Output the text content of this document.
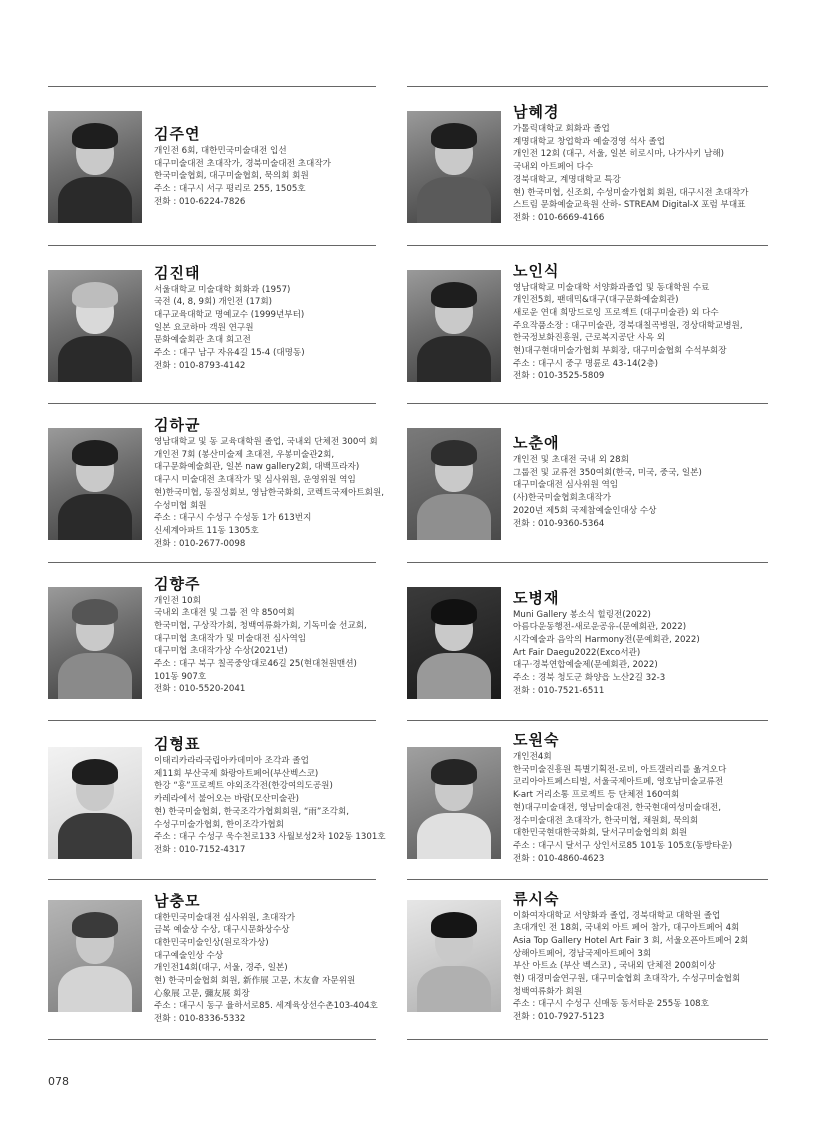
김주연
개인전 6회, 대한민국미술대전 입선
대구미술대전 초대작가, 경북미술대전 초대작가
한국미술협회, 대구미술협회, 묵의회 회원
주소 : 대구시 서구 평리로 255, 1505호
전화 : 010-6224-7826
김진태
서울대학교 미술대학 회화과 (1957)
국전 (4, 8, 9회) 개인전 (17회)
대구교육대학교 명예교수 (1999년부터)
일본 요코하마 객원 연구원
문화예술회관 초대 회고전
주소 : 대구 남구 자유4길 15-4 (대명동)
전화 : 010-8793-4142
김하균
영남대학교 및 동 교육대학원 졸업, 국내외 단체전 300여 회
개인전 7회 (봉산미술제 초대전, 우봉미술관2회,
대구문화예술회관, 일본 naw gallery2회, 대백프라자)
대구시 미술대전 초대작가 및 심사위원, 운영위원 역임
현)한국미협, 동질성회보, 영남한국화회, 코렉트국제아트회원,
수성미협 회원
주소 : 대구시 수성구 수성동 1가 613번지
신세계아파트 11동 1305호
전화 : 010-2677-0098
김향주
개인전 10회
국내외 초대전 및 그룹 전 약 850여회
한국미협, 구상작가회, 청백여류화가회, 기독미술 선교회,
대구미협 초대작가 및 미술대전 심사역임
대구미협 초대작가상 수상(2021년)
주소 : 대구 북구 칠곡중앙대로46길 25(현대천원맨션)
101동 907호
전화 : 010-5520-2041
김형표
이태리카라라국립아카데미아 조각과 졸업
제11회 부산국제 화랑아트페어(부산벡스코)
한강 “흥”프로젝트 야외조각전(한강여의도공원)
카레라에서 불어오는 바람(모산미술관)
현) 한국미술협회, 한국조각가협회회원, “雨”조각회,
수성구미술가협회, 한이조각가협회
주소 : 대구 수성구 욱수천로133 사월보성2차 102동 1301호
전화 : 010-7152-4317
남충모
대한민국미술대전 심사위원, 초대작가
금복 예술상 수상, 대구시문화상수상
대한민국미술인상(원로작가상)
대구예술인상 수상
개인전14회(대구, 서울, 경주, 일본)
현) 한국미술협회 회원, 新作展 고문, 木友會 자문위원
心象展 고문, 彌友展 회장
주소 : 대구시 동구 율하서로85. 세계육상선수촌103-404호
전화 : 010-8336-5332
남혜경
가톨릭대학교 회화과 졸업
계명대학교 창업학과 예술경영 석사 졸업
개인전 12회 (대구, 서울, 일본 히로시마, 나가사키 남해)
국내외 아트페어 다수
경북대학교, 계명대학교 특강
현) 한국미협, 신조회, 수성미술가협회 회원, 대구시전 초대작가
스트림 문화예술교육원 산하- STREAM Digital-X 포럼 부대표
전화 : 010-6669-4166
노인식
영남대학교 미술대학 서양화과졸업 및 동대학원 수료
개인전5회, 팬데믹&대구(대구문화예술회관)
새로운 연대 희망드로잉 프로젝트 (대구미술관) 외 다수
주요작품소장 : 대구미술관, 경북대칠곡병원, 경상대학교병원,
한국정보화진흥원, 근로복지공단 사옥 외
현)대구현대미술가협회 부회장, 대구미술협회 수석부회장
주소 : 대구시 중구 명륜로 43-14(2층)
전화 : 010-3525-5809
노춘애
개인전 및 초대전 국내 외 28회
그룹전 및 교류전 350여회(한국, 미국, 중국, 일본)
대구미술대전 심사위원 역임
(사)한국미술협회초대작가
2020년 제5회 국제참예술인대상 수상
전화 : 010-9360-5364
도병재
Muni Gallery 봉소식 힐링전(2022)
아름다운동행전-새로운공유-(문예회관, 2022)
시각예술과 음악의 Harmony전(문예회관, 2022)
Art Fair Daegu2022(Exco서관)
대구·경북연합예술제(문예회관, 2022)
주소 : 경북 청도군 화양읍 노산2길 32-3
전화 : 010-7521-6511
도원숙
개인전4회
한국미술진흥원 특별기획전-로비, 아트갤러리를 옮겨오다
코리아아트페스티벌, 서울국제아트페, 영호남미술교류전
K-art 거리소통 프로젝트 등 단체전 160여회
현)대구미술대전, 영남미술대전, 한국현대여성미술대전,
정수미술대전 초대작가, 한국미협, 채원회, 묵의회
대한민국현대한국화회, 달서구미술협의회 회원
주소 : 대구시 달서구 상인서로85 101동 105호(동방타운)
전화 : 010-4860-4623
류시숙
이화여자대학교 서양화과 졸업, 경북대학교 대학원 졸업
초대개인 전 18회, 국내외 아트 페어 참가, 대구아트페어 4회
Asia Top Gallery Hotel Art Fair 3 회, 서울오픈아트페어 2회
상해아트페어, 경남국제아트페어 3회
부산 아트쇼 (부산 벡스코) , 국내외 단체전 200회이상
현) 대경미술연구원, 대구미술협회 초대작가, 수성구미술협회
청백여류화가 회원
주소 : 대구시 수성구 신매동 동서타운 255동 108호
전화 : 010-7927-5123
078
